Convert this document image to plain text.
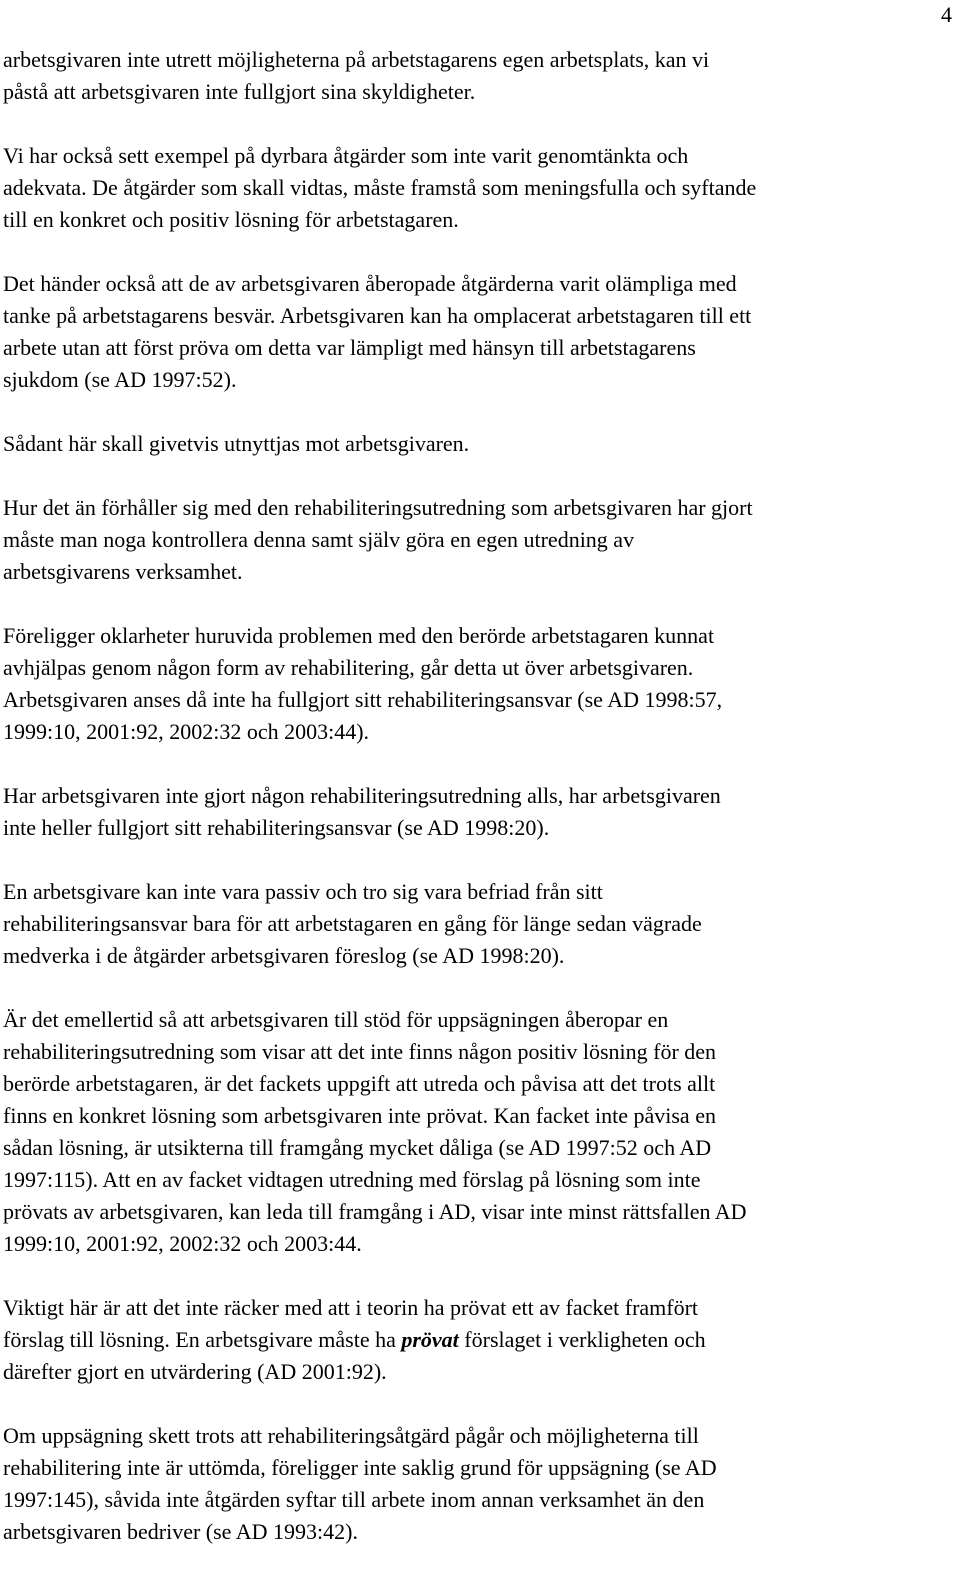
4

arbetsgivaren inte utrett möjligheterna på arbetstagarens egen arbetsplats, kan vi
påstå att arbetsgivaren inte fullgjort sina skyldigheter.

Vi har också sett exempel på dyrbara åtgärder som inte varit genomtänkta och
adekvata. De åtgärder som skall vidtas, måste framstå som meningsfulla och syftande
till en konkret och positiv lösning för arbetstagaren.

Det händer också att de av arbetsgivaren åberopade åtgärderna varit olämpliga med
tanke på arbetstagarens besvär. Arbetsgivaren kan ha omplacerat arbetstagaren till ett
arbete utan att först pröva om detta var lämpligt med hänsyn till arbetstagarens
sjukdom (se AD 1997:52).

Sådant här skall givetvis utnyttjas mot arbetsgivaren.

Hur det än förhåller sig med den rehabiliteringsutredning som arbetsgivaren har gjort
måste man noga kontrollera denna samt själv göra en egen utredning av
arbetsgivarens verksamhet.

Föreligger oklarheter huruvida problemen med den berörde arbetstagaren kunnat
avhjälpas genom någon form av rehabilitering, går detta ut över arbetsgivaren.
Arbetsgivaren anses då inte ha fullgjort sitt rehabiliteringsansvar (se AD 1998:57,
1999:10, 2001:92, 2002:32 och 2003:44).

Har arbetsgivaren inte gjort någon rehabiliteringsutredning alls, har arbetsgivaren
inte heller fullgjort sitt rehabiliteringsansvar (se AD 1998:20).

En arbetsgivare kan inte vara passiv och tro sig vara befriad från sitt
rehabiliteringsansvar bara för att arbetstagaren en gång för länge sedan vägrade
medverka i de åtgärder arbetsgivaren föreslog (se AD 1998:20).

Är det emellertid så att arbetsgivaren till stöd för uppsägningen åberopar en
rehabiliteringsutredning som visar att det inte finns någon positiv lösning för den
berörde arbetstagaren, är det fackets uppgift att utreda och påvisa att det trots allt
finns en konkret lösning som arbetsgivaren inte prövat. Kan facket inte påvisa en
sådan lösning, är utsikterna till framgång mycket dåliga (se AD 1997:52 och AD
1997:115). Att en av facket vidtagen utredning med förslag på lösning som inte
prövats av arbetsgivaren, kan leda till framgång i AD, visar inte minst rättsfallen AD
1999:10, 2001:92, 2002:32 och 2003:44.

Viktigt här är att det inte räcker med att i teorin ha prövat ett av facket framfört
förslag till lösning. En arbetsgivare måste ha prövat förslaget i verkligheten och
därefter gjort en utvärdering (AD 2001:92).

Om uppsägning skett trots att rehabiliteringsåtgärd pågår och möjligheterna till
rehabilitering inte är uttömda, föreligger inte saklig grund för uppsägning (se AD
1997:145), såvida inte åtgärden syftar till arbete inom annan verksamhet än den
arbetsgivaren bedriver (se AD 1993:42).
